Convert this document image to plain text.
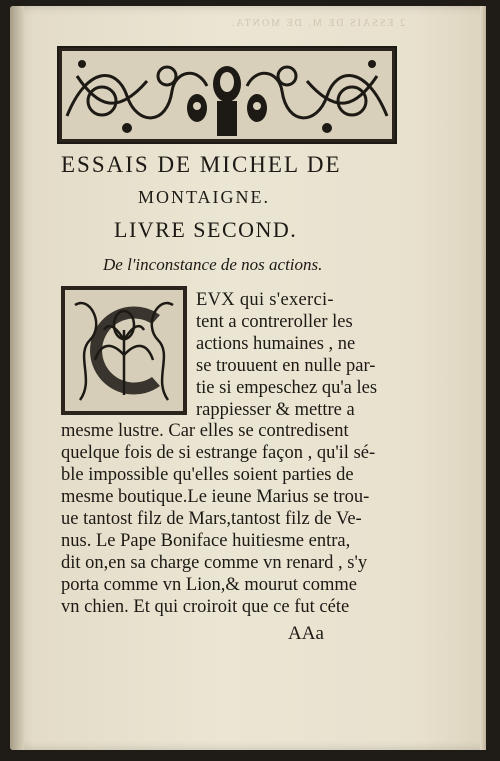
2 ESSAIS DE M. DE MONTA.
ESSAIS DE MICHEL DE
MONTAIGNE.
LIVRE SECOND.
De l'inconstance de nos actions.
C
EVX qui s'exerci-
tent a contreroller les
actions humaines , ne
se trouuent en nulle par-
tie si empeschez qu'a les
rappiesser & mettre a
mesme lustre. Car elles se contredisent
quelque fois de si estrange façon , qu'il sé-
ble impossible qu'elles soient parties de
mesme boutique.Le ieune Marius se trou-
ue tantost filz de Mars,tantost filz de Ve-
nus. Le Pape Boniface huitiesme entra,
dit on,en sa charge comme vn renard , s'y
porta comme vn Lion,& mourut comme
vn chien. Et qui croiroit que ce fut céte
AAa
